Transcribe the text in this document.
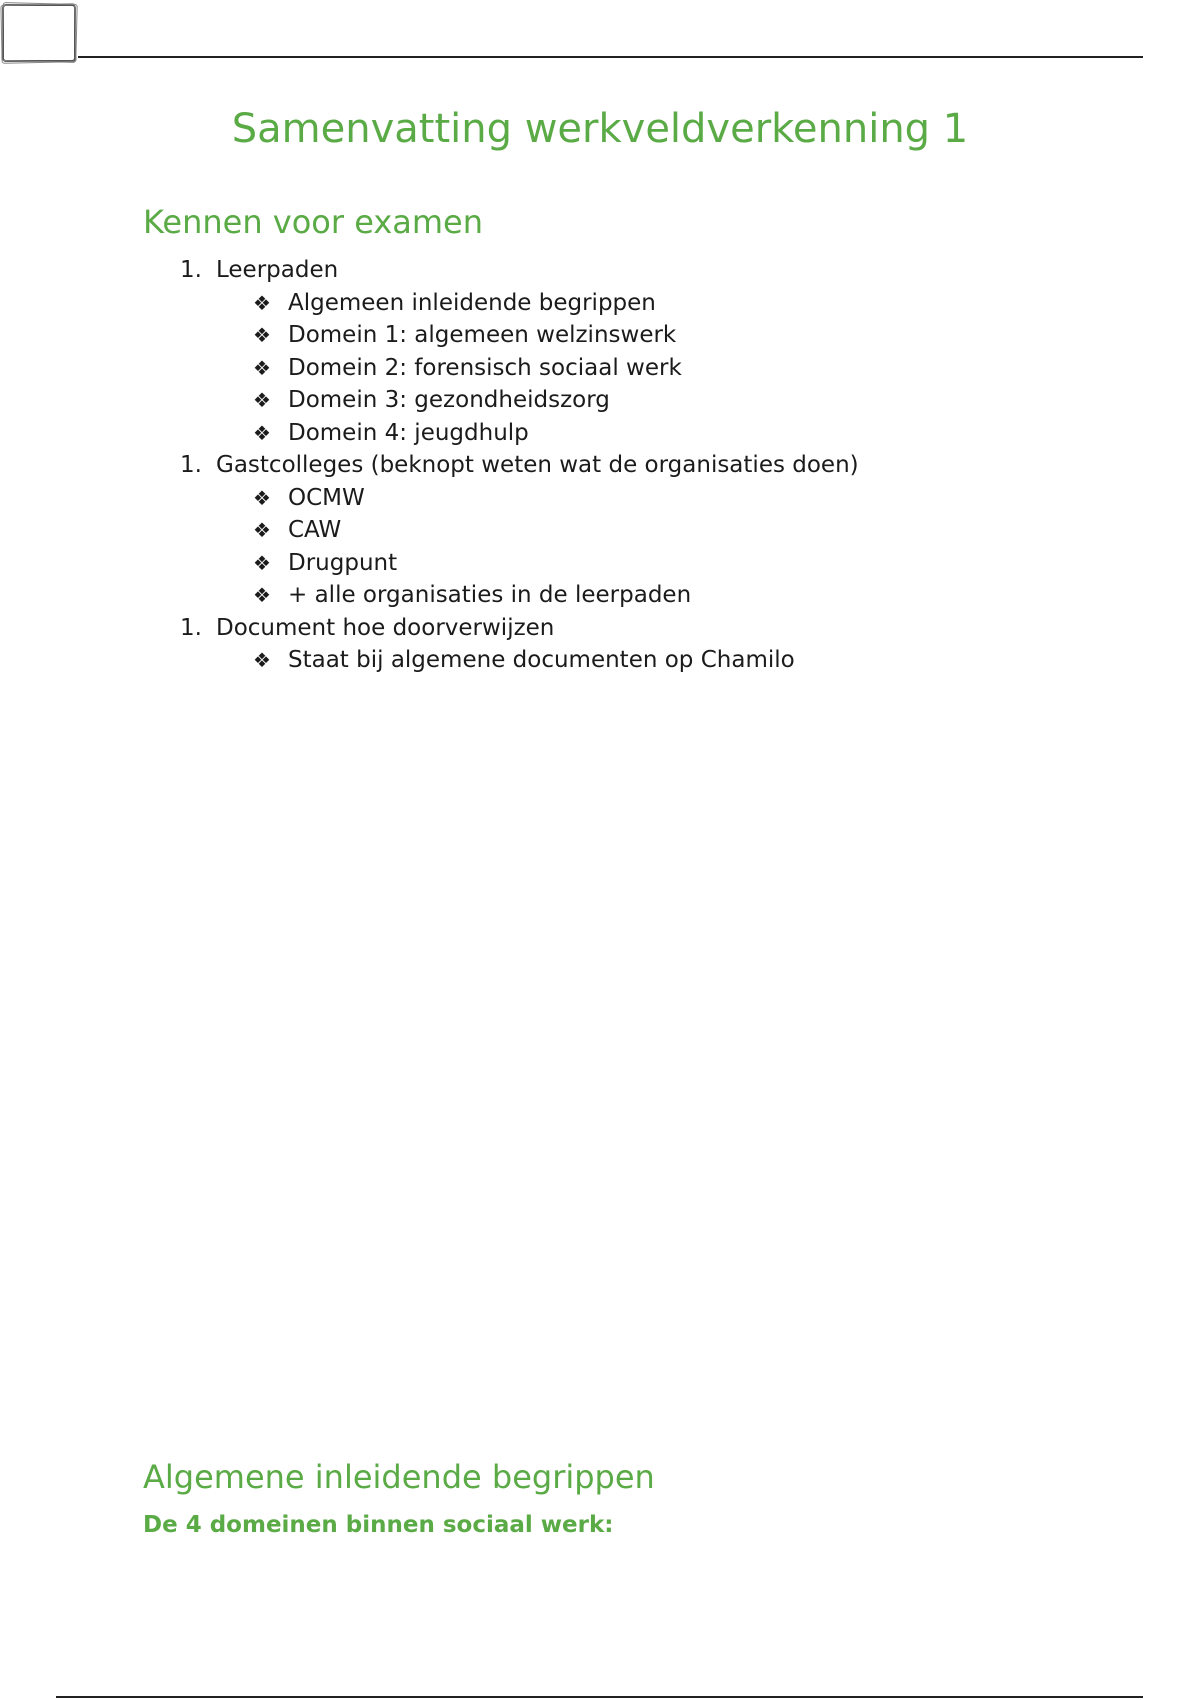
Samenvatting werkveldverkenning 1
Kennen voor examen
1. Leerpaden
❖ Algemeen inleidende begrippen
❖ Domein 1: algemeen welzinswerk
❖ Domein 2: forensisch sociaal werk
❖ Domein 3: gezondheidszorg
❖ Domein 4: jeugdhulp
1. Gastcolleges (beknopt weten wat de organisaties doen)
❖ OCMW
❖ CAW
❖ Drugpunt
❖ + alle organisaties in de leerpaden
1. Document hoe doorverwijzen
❖ Staat bij algemene documenten op Chamilo
Algemene inleidende begrippen
De 4 domeinen binnen sociaal werk:
